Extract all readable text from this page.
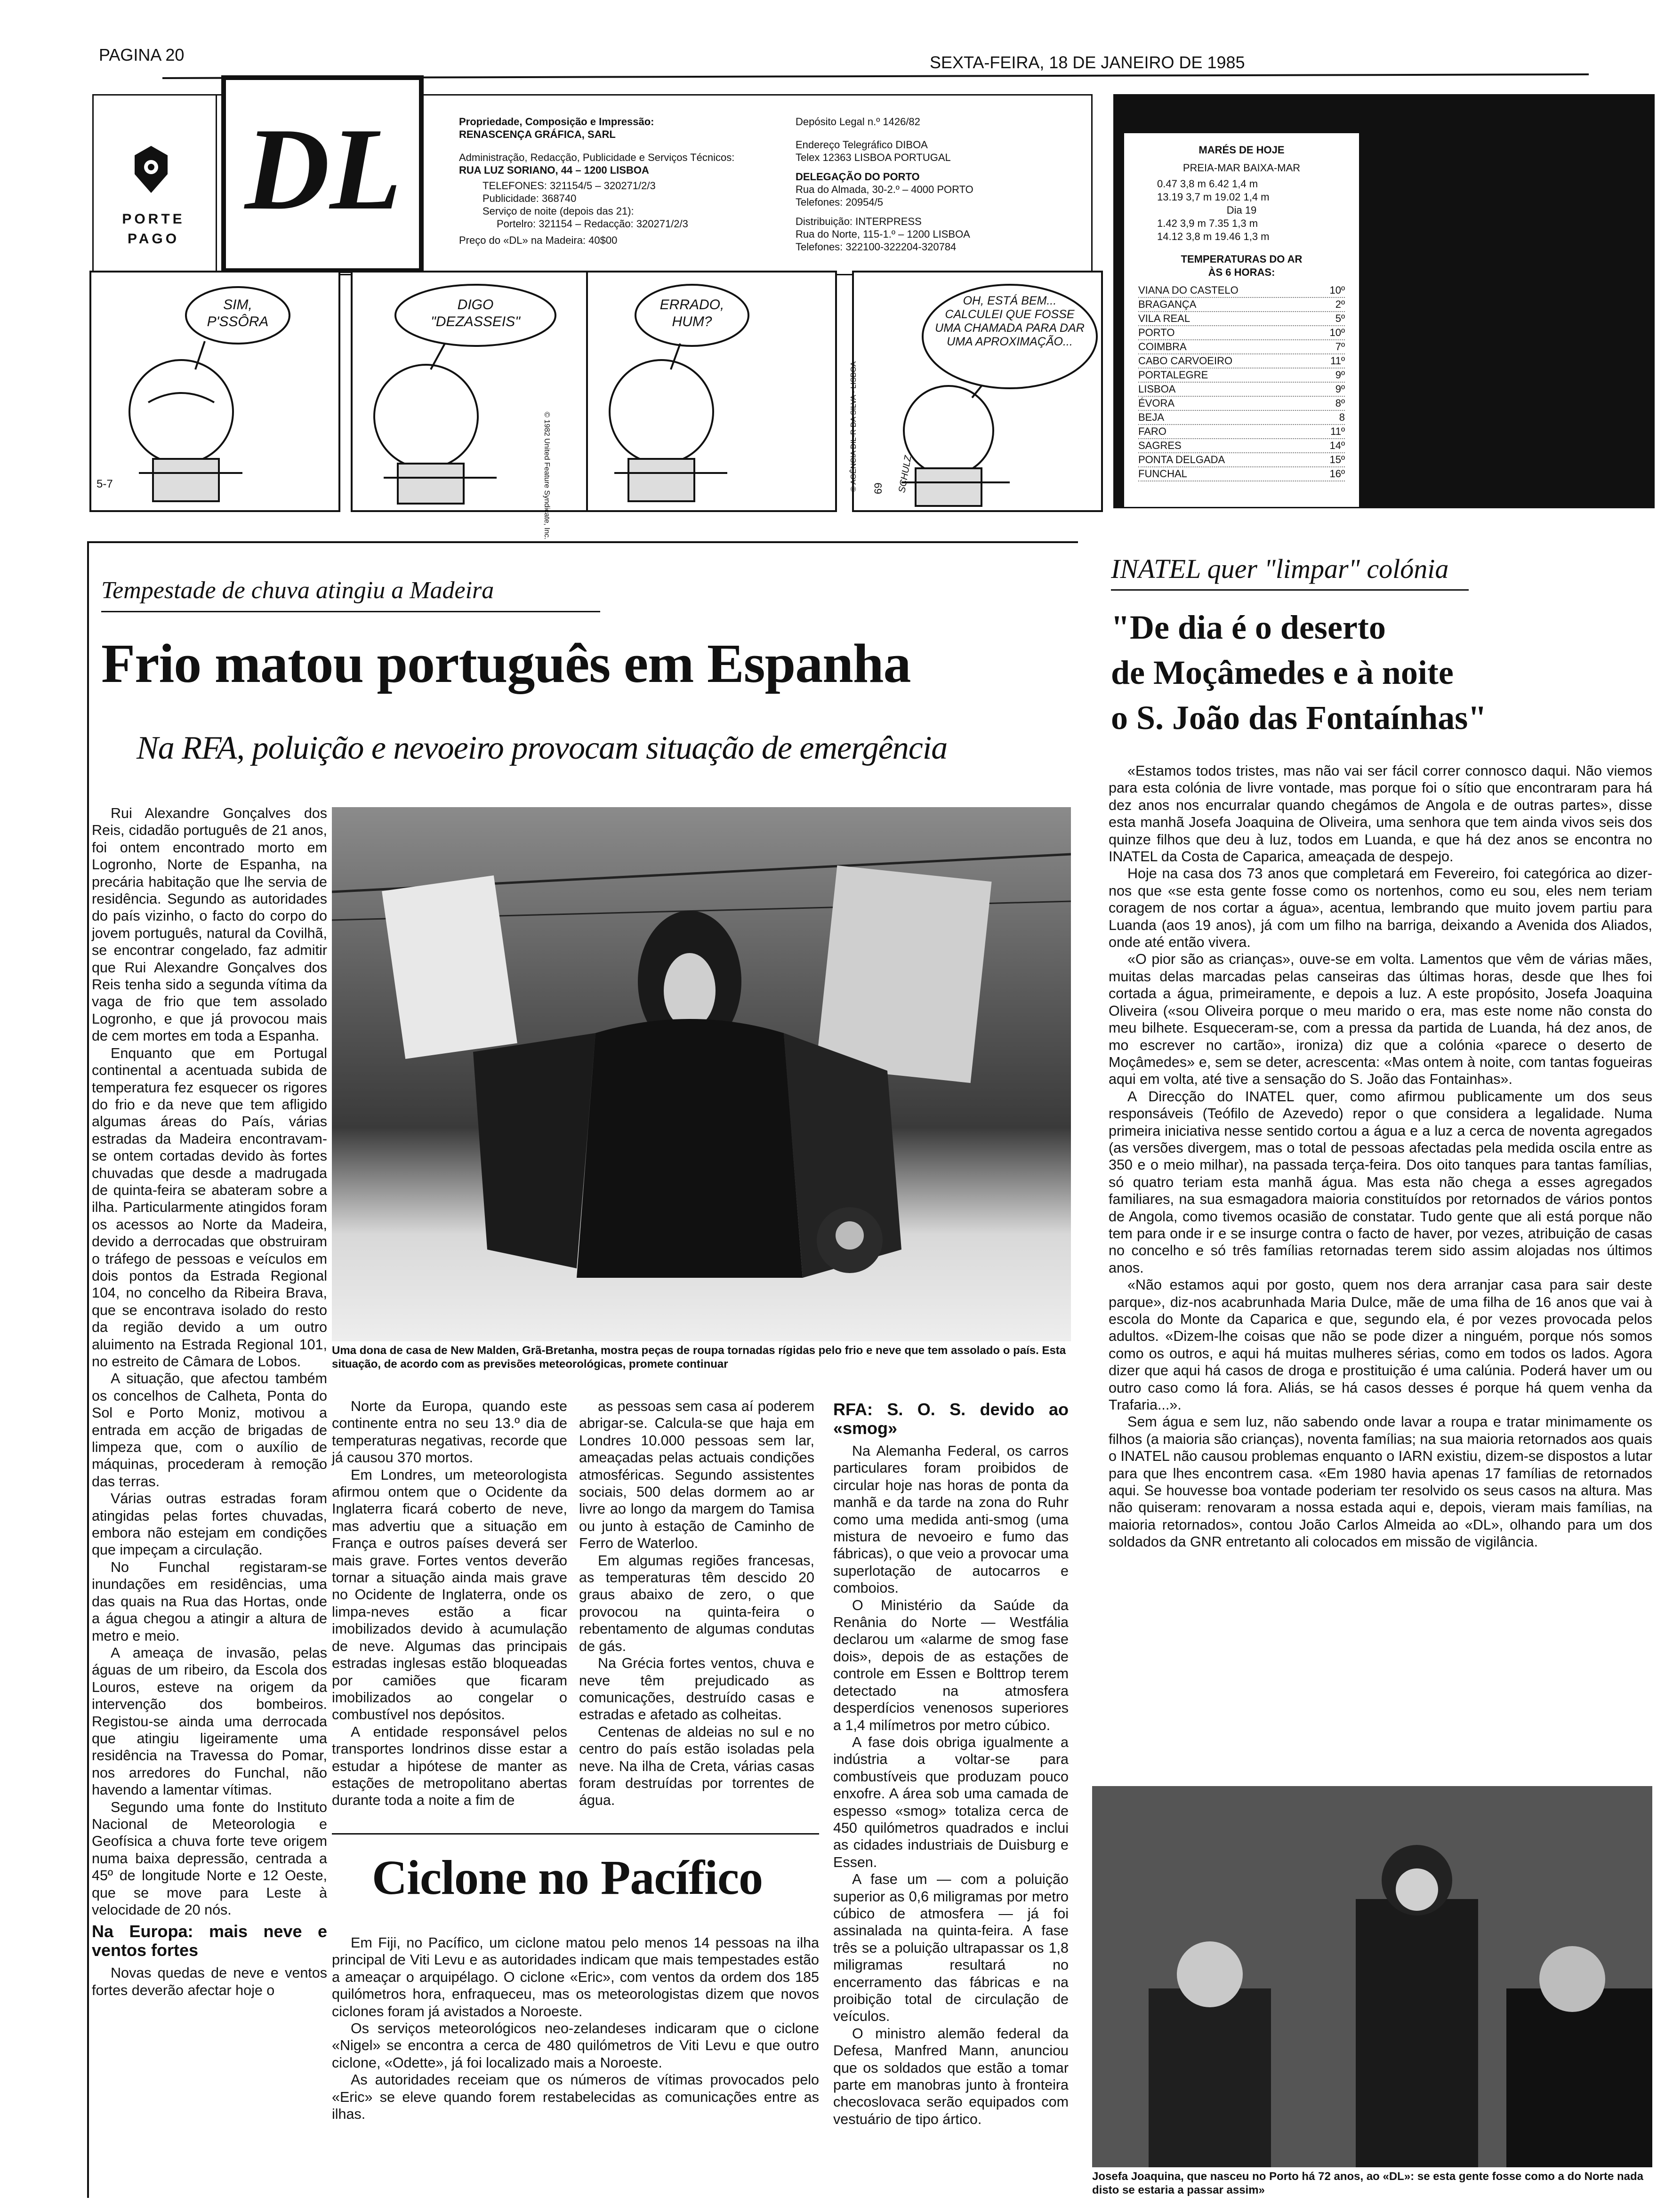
PAGINA 20	SEXTA-FEIRA, 18 DE JANEIRO DE 1985
PORTE PAGO
DL	Propriedade, Composição e Impressão:
RENASCENÇA GRÁFICA, SARL
Administração, Redacção, Publicidade e Serviços Técnicos:
RUA LUZ SORIANO, 44 – 1200 LISBOA
TELEFONES: 321154/5 – 320271/2/3
Publicidade: 368740
Serviço de noite (depois das 21):
Portelro: 321154 – Redacção: 320271/2/3
Preço do «DL» na Madeira: 40$00
Depósito Legal n.º 1426/82
Endereço Telegráfico DIBOA
Telex 12363 LISBOA PORTUGAL
DELEGAÇÃO DO PORTO
Rua do Almada, 30-2.º – 4000 PORTO
Telefones: 20954/5
Distribuição: INTERPRESS
Rua do Norte, 115-1.º – 1200 LISBOA
Telefones: 322100-322204-320784
MARÉS DE HOJE
PREIA-MAR BAIXA-MAR
0.47 3,8 m 6.42 1,4 m
13.19 3,7 m 19.02 1,4 m
Dia 19
1.42 3,9 m 7.35 1,3 m
14.12 3,8 m 19.46 1,3 m
TEMPERATURAS DO AR
ÀS 6 HORAS:
VIANA DO CASTELO	10º
BRAGANÇA	2º
VILA REAL	5º
PORTO	10º
COIMBRA	7º
CABO CARVOEIRO	11º
PORTALEGRE	9º
LISBOA	9º
ÉVORA	8º
BEJA	8
FARO	11º
SAGRES	14º
PONTA DELGADA	15º
FUNCHAL	16º
SIM, P'SSÔRA
DIGO "DEZASSEIS"
ERRADO, HUM?
OH, ESTÁ BEM... CALCULEI QUE FOSSE UMA CHAMADA PARA DAR UMA APROXIMAÇÃO...
5-7	© 1982 United Feature Syndicate, Inc.	© AGÊNCIA DIL-R DA SILVA - LISBOA	SCHULZ
69
Tempestade de chuva atingiu a Madeira
Frio matou português em Espanha
Na RFA, poluição e nevoeiro provocam situação de emergência

Rui Alexandre Gonçalves dos Reis, cidadão português de 21 anos, foi ontem encontrado morto em Logronho, Norte de Espanha, na precária habitação que lhe servia de residência. Segundo as autoridades do país vizinho, o facto do corpo do jovem português, natural da Covilhã, se encontrar congelado, faz admitir que Rui Alexandre Gonçalves dos Reis tenha sido a segunda vítima da vaga de frio que tem assolado Logronho, e que já provocou mais de cem mortes em toda a Espanha.

Enquanto que em Portugal continental a acentuada subida de temperatura fez esquecer os rigores do frio e da neve que tem afligido algumas áreas do País, várias estradas da Madeira encontravam-se ontem cortadas devido às fortes chuvadas que desde a madrugada de quinta-feira se abateram sobre a ilha. Particularmente atingidos foram os acessos ao Norte da Madeira, devido a derrocadas que obstruiram o tráfego de pessoas e veículos em dois pontos da Estrada Regional 104, no concelho da Ribeira Brava, que se encontrava isolado do resto da região devido a um outro aluimento na Estrada Regional 101, no estreito de Câmara de Lobos.

A situação, que afectou também os concelhos de Calheta, Ponta do Sol e Porto Moniz, motivou a entrada em acção de brigadas de limpeza que, com o auxílio de máquinas, procederam à remoção das terras.

Várias outras estradas foram atingidas pelas fortes chuvadas, embora não estejam em condições que impeçam a circulação.

No Funchal registaram-se inundações em residências, uma das quais na Rua das Hortas, onde a água chegou a atingir a altura de metro e meio.

A ameaça de invasão, pelas águas de um ribeiro, da Escola dos Louros, esteve na origem da intervenção dos bombeiros. Registou-se ainda uma derrocada que atingiu ligeiramente uma residência na Travessa do Pomar, nos arredores do Funchal, não havendo a lamentar vítimas.

Segundo uma fonte do Instituto Nacional de Meteorologia e Geofísica a chuva forte teve origem numa baixa depressão, centrada a 45º de longitude Norte e 12 Oeste, que se move para Leste à velocidade de 20 nós.

Na Europa: mais neve e ventos fortes

Novas quedas de neve e ventos fortes deverão afectar hoje o

Uma dona de casa de New Malden, Grã-Bretanha, mostra peças de roupa tornadas rígidas pelo frio e neve que tem assolado o país. Esta situação, de acordo com as previsões meteorológicas, promete continuar

Norte da Europa, quando este continente entra no seu 13.º dia de temperaturas negativas, recorde que já causou 370 mortos.

Em Londres, um meteorologista afirmou ontem que o Ocidente da Inglaterra ficará coberto de neve, mas advertiu que a situação em França e outros países deverá ser mais grave. Fortes ventos deverão tornar a situação ainda mais grave no Ocidente de Inglaterra, onde os limpa-neves estão a ficar imobilizados devido à acumulação de neve. Algumas das principais estradas inglesas estão bloqueadas por camiões que ficaram imobilizados ao congelar o combustível nos depósitos.

A entidade responsável pelos transportes londrinos disse estar a estudar a hipótese de manter as estações de metropolitano abertas durante toda a noite a fim de

as pessoas sem casa aí poderem abrigar-se. Calcula-se que haja em Londres 10.000 pessoas sem lar, ameaçadas pelas actuais condições atmosféricas. Segundo assistentes sociais, 500 delas dormem ao ar livre ao longo da margem do Tamisa ou junto à estação de Caminho de Ferro de Waterloo.

Em algumas regiões francesas, as temperaturas têm descido 20 graus abaixo de zero, o que provocou na quinta-feira o rebentamento de algumas condutas de gás.

Na Grécia fortes ventos, chuva e neve têm prejudicado as comunicações, destruído casas e estradas e afetado as colheitas.

Centenas de aldeias no sul e no centro do país estão isoladas pela neve. Na ilha de Creta, várias casas foram destruídas por torrentes de água.

RFA: S. O. S. devido ao «smog»

Na Alemanha Federal, os carros particulares foram proibidos de circular hoje nas horas de ponta da manhã e da tarde na zona do Ruhr como uma medida anti-smog (uma mistura de nevoeiro e fumo das fábricas), o que veio a provocar uma superlotação de autocarros e comboios.

O Ministério da Saúde da Renânia do Norte — Westfália declarou um «alarme de smog fase dois», depois de as estações de controle em Essen e Bolttrop terem detectado na atmosfera desperdícios venenosos superiores a 1,4 milímetros por metro cúbico.

A fase dois obriga igualmente a indústria a voltar-se para combustíveis que produzam pouco enxofre. A área sob uma camada de espesso «smog» totaliza cerca de 450 quilómetros quadrados e inclui as cidades industriais de Duisburg e Essen.

A fase um — com a poluição superior as 0,6 miligramas por metro cúbico de atmosfera — já foi assinalada na quinta-feira. A fase três se a poluição ultrapassar os 1,8 miligramas resultará no encerramento das fábricas e na proibição total de circulação de veículos.

O ministro alemão federal da Defesa, Manfred Mann, anunciou que os soldados que estão a tomar parte em manobras junto à fronteira checoslovaca serão equipados com vestuário de tipo ártico.

Ciclone no Pacífico

Em Fiji, no Pacífico, um ciclone matou pelo menos 14 pessoas na ilha principal de Viti Levu e as autoridades indicam que mais tempestades estão a ameaçar o arquipélago. O ciclone «Eric», com ventos da ordem dos 185 quilómetros hora, enfraqueceu, mas os meteorologistas dizem que novos ciclones foram já avistados a Noroeste.

Os serviços meteorológicos neo-zelandeses indicaram que o ciclone «Nigel» se encontra a cerca de 480 quilómetros de Viti Levu e que outro ciclone, «Odette», já foi localizado mais a Noroeste.

As autoridades receiam que os números de vítimas provocados pelo «Eric» se eleve quando forem restabelecidas as comunicações entre as ilhas.

INATEL quer "limpar" colónia
"De dia é o deserto
de Moçâmedes e à noite
o S. João das Fontaínhas"

«Estamos todos tristes, mas não vai ser fácil correr connosco daqui. Não viemos para esta colónia de livre vontade, mas porque foi o sítio que encontraram para há dez anos nos encurralar quando chegámos de Angola e de outras partes», disse esta manhã Josefa Joaquina de Oliveira, uma senhora que tem ainda vivos seis dos quinze filhos que deu à luz, todos em Luanda, e que há dez anos se encontra no INATEL da Costa de Caparica, ameaçada de despejo.

Hoje na casa dos 73 anos que completará em Fevereiro, foi categórica ao dizer-nos que «se esta gente fosse como os nortenhos, como eu sou, eles nem teriam coragem de nos cortar a água», acentua, lembrando que muito jovem partiu para Luanda (aos 19 anos), já com um filho na barriga, deixando a Avenida dos Aliados, onde até então vivera.

«O pior são as crianças», ouve-se em volta. Lamentos que vêm de várias mães, muitas delas marcadas pelas canseiras das últimas horas, desde que lhes foi cortada a água, primeiramente, e depois a luz. A este propósito, Josefa Joaquina Oliveira («sou Oliveira porque o meu marido o era, mas este nome não consta do meu bilhete. Esqueceram-se, com a pressa da partida de Luanda, há dez anos, de mo escrever no cartão», ironiza) diz que a colónia «parece o deserto de Moçâmedes» e, sem se deter, acrescenta: «Mas ontem à noite, com tantas fogueiras aqui em volta, até tive a sensação do S. João das Fontainhas».

A Direcção do INATEL quer, como afirmou publicamente um dos seus responsáveis (Teófilo de Azevedo) repor o que considera a legalidade. Numa primeira iniciativa nesse sentido cortou a água e a luz a cerca de noventa agregados (as versões divergem, mas o total de pessoas afectadas pela medida oscila entre as 350 e o meio milhar), na passada terça-feira. Dos oito tanques para tantas famílias, só quatro teriam esta manhã água. Mas esta não chega a esses agregados familiares, na sua esmagadora maioria constituídos por retornados de vários pontos de Angola, como tivemos ocasião de constatar. Tudo gente que ali está porque não tem para onde ir e se insurge contra o facto de haver, por vezes, atribuição de casas no concelho e só três famílias retornadas terem sido assim alojadas nos últimos anos.

«Não estamos aqui por gosto, quem nos dera arranjar casa para sair deste parque», diz-nos acabrunhada Maria Dulce, mãe de uma filha de 16 anos que vai à escola do Monte da Caparica e que, segundo ela, é por vezes provocada pelos adultos. «Dizem-lhe coisas que não se pode dizer a ninguém, porque nós somos como os outros, e aqui há muitas mulheres sérias, como em todos os lados. Agora dizer que aqui há casos de droga e prostituição é uma calúnia. Poderá haver um ou outro caso como lá fora. Aliás, se há casos desses é porque há quem venha da Trafaria...».

Sem água e sem luz, não sabendo onde lavar a roupa e tratar minimamente os filhos (a maioria são crianças), noventa famílias; na sua maioria retornados aos quais o INATEL não causou problemas enquanto o IARN existiu, dizem-se dispostos a lutar para que lhes encontrem casa. «Em 1980 havia apenas 17 famílias de retornados aqui. Se houvesse boa vontade poderiam ter resolvido os seus casos na altura. Mas não quiseram: renovaram a nossa estada aqui e, depois, vieram mais famílias, na maioria retornados», contou João Carlos Almeida ao «DL», olhando para um dos soldados da GNR entretanto ali colocados em missão de vigilância.

Josefa Joaquina, que nasceu no Porto há 72 anos, ao «DL»: se esta gente fosse como a do Norte nada disto se estaria a passar assim»
